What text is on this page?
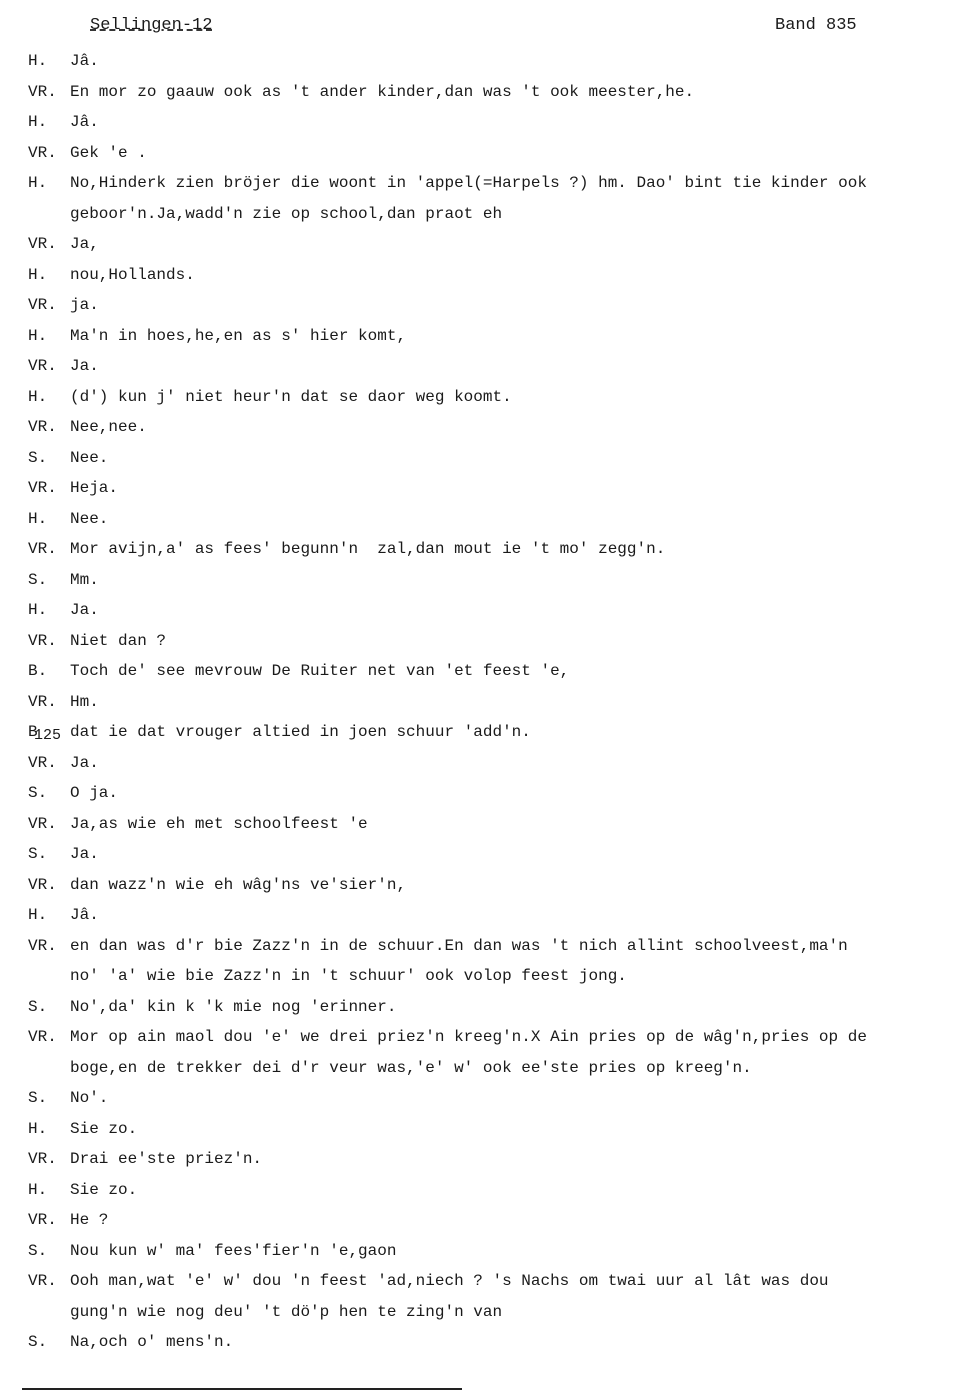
Sellingen-12	Band 835
H.	Jâ.
VR. En mor zo gaauw ook as 't ander kinder,dan was 't ook meester,he.
H.	Jâ.
VR. Gek 'e .
H.	No,Hinderk zien bröjer die woont in 'appel(=Harpels ?) hm. Dao' bint tie kinder ook
geboor'n.Ja,wadd'n zie op school,dan praot eh
VR. Ja,
H.	nou,Hollands.
VR. ja.
H.	Ma'n in hoes,he,en as s' hier komt,
VR. Ja.
H.	(d') kun j' niet heur'n dat se daor weg koomt.
VR. Nee,nee.
S.	Nee.
VR. Heja.
H.	Nee.
VR. Mor avijn,a' as fees' begunn'n  zal,dan mout ie 't mo' zegg'n.
S.	Mm.
H.	Ja.
VR. Niet dan ?
B.	Toch de' see mevrouw De Ruiter net van 'et feest 'e,
VR. Hm.
B	dat ie dat vrouger altied in joen schuur 'add'n.
VR. Ja.
S.	O ja.
VR. Ja,as wie eh met schoolfeest 'e
S.	Ja.
VR. dan wazz'n wie eh wâg'ns ve'sier'n,
H.	Jâ.
VR. en dan was d'r bie Zazz'n in de schuur.En dan was 't nich allint schoolveest,ma'n
no' 'a' wie bie Zazz'n in 't schuur' ook volop feest jong.
S.	No',da' kin k 'k mie nog 'erinner.
VR. Mor op ain maol dou 'e' we drei priez'n kreeg'n.X Ain pries op de wâg'n,pries op de
boge,en de trekker dei d'r veur was,'e' w' ook ee'ste pries op kreeg'n.
S.	No'.
H.	Sie zo.
VR. Drai ee'ste priez'n.
H.	Sie zo.
VR. He ?
S.	Nou kun w' ma' fees'fier'n 'e,gaon
VR. Ooh man,wat 'e' w' dou 'n feest 'ad,niech ? 's Nachs om twai uur al lât was dou
gung'n wie nog deu' 't dö'p hen te zing'n van
S.	Na,och o' mens'n.
125
